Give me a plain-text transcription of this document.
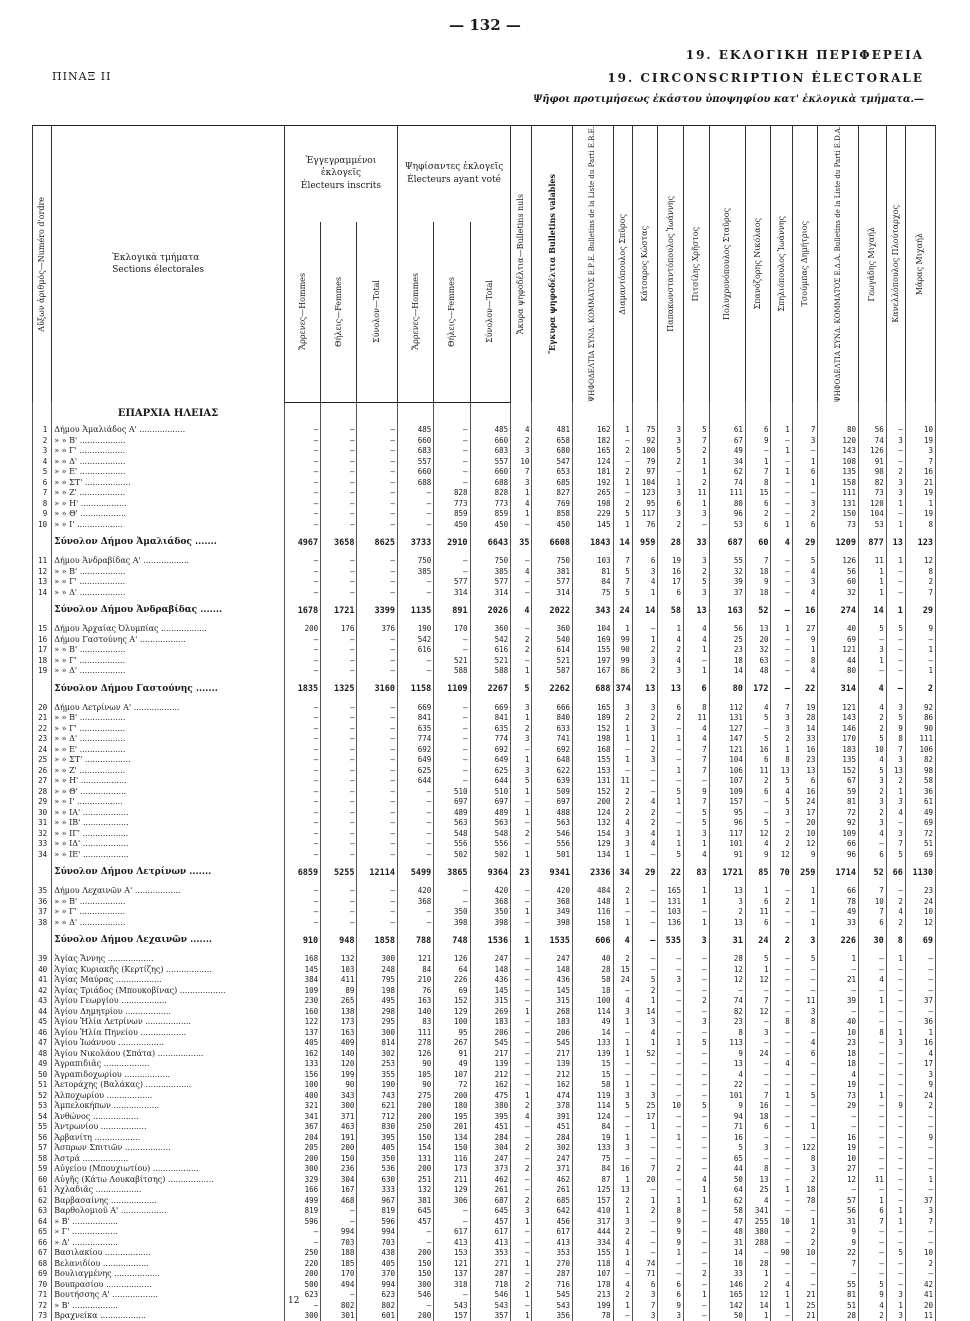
— 132 —
ΠΙΝΑΞ ΙΙ
19. ΕΚΛΟΓΙΚΗ ΠΕΡΙΦΕΡΕΙΑ
19. CIRCONSCRIPTION ÉLECTORALE
Ψῆφοι προτιμήσεως ἑκάστου ὑποψηφίου κατ' ἐκλογικὰ τμήματα.—
Αὔξων ἀριθμός—Numéro d'ordre	Ἐκλογικὰ τμήματα
Sections électorales	Ἐγγεγραμμένοι ἐκλογεῖς
Électeurs inscrits			Ψηφίσαντες ἐκλογεῖς
Électeurs ayant voté			Ἄκυρα ψηφοδέλτια—Bulletins nuls	Ἔγκυρα ψηφοδέλτια Bulletins valables	ΨΗΦΟΔΕΛΤΙΑ ΣΥΝΔ. ΚΟΜΜΑΤΟΣ Ε.Ρ.Ε. Bulletins de la Liste du Parti E.R.E.	Διαμαντόπουλος Σπῦρος	Κάτσαρος Κώστας	Παπακωνσταντόπουλος Ἰωάννης	Πιτσίλης Χρῆστος	Πολυχρονόπουλος Σταῦρος	Σπανόζορης Νικόλαος	Σπηλιόπουλος Ἰωάννης	Τσούμπας Δημήτριος	ΨΗΦΟΔΕΛΤΙΑ ΣΥΝΔ. ΚΟΜΜΑΤΟΣ Ε.Δ.Α. Bulletins de la Liste du Parti E.D.A.	Γεωγάδης Μιχαήλ	Κανελλόπουλος Πλούταρχος	Μάρας Μιχαήλ

		Ἄρρενες—Hommes	Θήλεις—Femmes	Σύνολον—Total	Ἄρρενες—Hommes	Θήλεις—Femmes	Σύνολον—Total															

	ΕΠΑΡΧΙΑ ΗΛΕΙΑΣ																					
1	Δήμου Ἀμαλιάδος Α' ..................	—	—	—	485	—	485	4	481	162	1	75	3	5	61	6	1	7	80	56	—	10
2	» » Β' ..................	—	—	—	660	—	660	2	658	182	—	92	3	7	67	9	—	3	120	74	3	19
3	» » Γ' ..................	—	—	—	683	—	683	3	680	165	2	100	5	2	49	—	1	—	143	126	—	3
4	» » Δ' ..................	—	—	—	557	—	557	10	547	124	—	79	2	1	34	1	—	1	108	91	—	7
5	» » Ε' ..................	—	—	—	660	—	660	7	653	181	2	97	—	1	62	7	1	6	135	98	2	16
6	» » ΣΤ' ..................	—	—	—	688	—	688	3	685	192	1	104	1	2	74	8	—	1	158	82	3	21
7	» » Ζ' ..................	—	—	—	—	828	828	1	827	265	—	123	3	11	111	15	—	—	111	73	3	19
8	» » Η' ..................	—	—	—	—	773	773	4	769	198	2	95	6	1	80	6	—	3	131	120	1	1
9	» » Θ' ..................	—	—	—	—	859	859	1	858	229	5	117	3	3	96	2	—	2	150	104	—	19
10	» » Ι' ..................	—	—	—	—	450	450	—	450	145	1	76	2	—	53	6	1	6	73	53	1	8
	Σύνολον Δήμου Ἀμαλιάδος .......	4967	3658	8625	3733	2910	6643	35	6608	1843	14	959	28	33	687	60	4	29	1209	877	13	123
11	Δήμου Ἀνδραβίδας Α' ..................	—	—	—	750	—	750	—	750	103	7	6	19	3	55	7	—	5	126	11	1	12
12	» » Β' ..................	—	—	—	385	—	385	4	381	81	5	3	16	2	32	18	—	4	56	1	—	8
13	» » Γ' ..................	—	—	—	—	577	577	—	577	84	7	4	17	5	39	9	—	3	60	1	—	2
14	» » Δ' ..................	—	—	—	—	314	314	—	314	75	5	1	6	3	37	18	—	4	32	1	—	7
	Σύνολον Δήμου Ἀνδραβίδας .......	1678	1721	3399	1135	891	2026	4	2022	343	24	14	58	13	163	52	—	16	274	14	1	29
15	Δήμου Ἀρχαίας Ὀλυμπίας ..................	200	176	376	190	170	360	—	360	104	1	—	1	4	56	13	1	27	40	5	5	9
16	Δήμου Γαστούνης Α' ..................	—	—	—	542	—	542	2	540	169	99	1	4	4	25	20	—	9	69	—	—	—
17	» » Β' ..................	—	—	—	616	—	616	2	614	155	90	2	2	1	23	32	—	1	121	3	—	1
18	» » Γ' ..................	—	—	—	—	521	521	—	521	197	99	3	4	—	18	63	—	8	44	1	—	—
19	» » Δ' ..................	—	—	—	—	588	588	1	587	167	86	2	3	1	14	48	—	4	80	—	—	1
	Σύνολον Δήμου Γαστούνης .......	1835	1325	3160	1158	1109	2267	5	2262	688	374	13	13	6	80	172	—	22	314	4	—	2
20	Δήμου Λετρίνων Α' ..................	—	—	—	669	—	669	3	666	165	3	3	6	8	112	4	7	19	121	4	3	92
21	» » Β' ..................	—	—	—	841	—	841	1	840	189	2	2	2	11	131	5	3	28	143	2	5	86
22	» » Γ' ..................	—	—	—	635	—	635	2	633	152	1	3	—	4	127	—	3	14	146	2	9	90
23	» » Δ' ..................	—	—	—	774	—	774	3	741	198	1	1	1	4	147	5	2	33	170	5	8	111
24	» » Ε' ..................	—	—	—	692	—	692	—	692	168	—	2	—	7	121	16	1	16	183	10	7	106
25	» » ΣΤ' ..................	—	—	—	649	—	649	1	648	155	1	3	—	7	104	6	8	23	135	4	3	82
26	» » Ζ' ..................	—	—	—	625	—	625	3	622	153	—	—	1	7	106	11	13	13	152	5	13	98
27	» » Η' ..................	—	—	—	644	—	644	5	639	131	11	—	—	—	107	2	5	6	67	3	2	58
28	» » Θ' ..................	—	—	—	—	510	510	1	509	152	2	—	5	9	109	6	4	16	59	2	1	36
29	» » Ι' ..................	—	—	—	—	697	697	—	697	200	2	4	1	7	157	—	5	24	81	3	3	61
30	» » ΙΑ' ..................	—	—	—	—	489	489	1	488	124	2	2	—	5	95	—	3	17	72	2	4	49
31	» » ΙΒ' ..................	—	—	—	—	563	563	—	563	132	4	2	—	5	96	5	—	20	92	3	—	69
32	» » ΙΓ' ..................	—	—	—	—	548	548	2	546	154	3	4	1	3	117	12	2	10	109	4	3	72
33	» » ΙΔ' ..................	—	—	—	—	556	556	—	556	129	3	4	1	1	101	4	2	12	66	—	7	51
34	» » ΙΕ' ..................	—	—	—	—	502	502	1	501	134	1	—	5	4	91	9	12	9	96	6	5	69
	Σύνολον Δήμου Λετρίνων .......	6859	5255	12114	5499	3865	9364	23	9341	2336	34	29	22	83	1721	85	70	259	1714	52	66	1130
35	Δήμου Λεχαινῶν Α' ..................	—	—	—	420	—	420	—	420	484	2	—	165	1	13	1	—	1	66	7	—	23
36	» » Β' ..................	—	—	—	368	—	368	—	368	148	1	—	131	1	3	6	2	1	78	10	2	24
37	» » Γ' ..................	—	—	—	—	350	350	1	349	116	—	—	103	—	2	11	—	—	49	7	4	10
38	» » Δ' ..................	—	—	—	—	398	398	—	398	158	1	—	136	1	13	6	—	1	33	6	2	12
	Σύνολον Δήμου Λεχαινῶν .......	910	948	1858	788	748	1536	1	1535	606	4	—	535	3	31	24	2	3	226	30	8	69
39	Ἁγίας Ἄννης ..................	168	132	300	121	126	247	—	247	40	2	—	—	—	28	5	—	5	1	—	1	—
40	Ἁγίας Κυριακῆς (Κερτίζης) ..................	145	103	248	84	64	148	—	148	28	15	—	—	—	12	1	—	—	—	—	—	—
41	Ἁγίας Μαύρας ..................	384	411	795	210	226	436	—	436	58	24	5	3	—	12	12	—	—	21	4	—	—
42	Ἁγίας Τριάδος (Μπουκοβίνας) ..................	109	89	198	76	69	145	—	145	18	—	2	—	—	—	—	—	—	—	—	—	—
43	Ἁγίου Γεωργίου ..................	230	265	495	163	152	315	—	315	100	4	1	—	2	74	7	—	11	39	1	—	37
44	Ἁγίου Δημητρίου ..................	160	138	298	140	129	269	1	268	114	3	14	—	—	82	12	—	3	—	—	—	—
45	Ἁγίου Ἠλία Λετρίνων ..................	122	173	295	83	100	183	—	183	49	1	3	—	3	23	—	8	8	40	—	—	36
46	Ἁγίου Ἠλία Πηνείου ..................	137	163	300	111	95	206	—	206	14	—	4	—	—	8	3	—	—	10	8	1	1
47	Ἁγίου Ἰωάννου ..................	405	409	814	278	267	545	—	545	133	1	1	1	5	113	—	—	4	23	—	3	16
48	Ἁγίου Νικολάου (Σπάτα) ..................	162	140	302	126	91	217	—	217	139	1	52	—	—	9	24	—	6	18	—	—	4
49	Ἀγραπιδιᾶς ..................	133	120	253	90	49	139	—	139	15	—	—	—	—	13	—	4	—	18	—	—	17
50	Ἀγραπιδοχωρίου ..................	156	199	355	105	107	212	—	212	15	—	—	—	—	4	—	—	—	4	—	—	3
51	Ἀετοράχης (Βαλάκας) ..................	100	90	190	90	72	162	—	162	58	1	—	—	—	22	—	—	—	19	—	—	9
52	Ἀλποχωρίου ..................	400	343	743	275	200	475	1	474	119	3	3	—	—	101	7	1	5	73	1	—	24
53	Ἀμπελοκήπων ..................	321	300	621	200	180	380	2	378	114	5	25	10	5	9	16	—	—	29	—	9	2
54	Ἀνθώνος ..................	341	371	712	200	195	395	4	391	124	—	17	—	—	94	18	—	—	—	—	—	—
55	Ἀντρωνίου ..................	367	463	830	250	201	451	—	451	84	—	1	—	—	71	6	—	1	—	—	—	—
56	Ἀρβανίτη ..................	204	191	395	150	134	284	—	284	19	1	—	1	—	16	—	—	—	16	—	—	9
57	Ἀσπρων Σπιτιῶν ..................	205	200	405	154	150	304	2	302	133	3	—	—	—	5	3	—	122	19	—	—	—
58	Ἀστρά ..................	200	150	350	131	116	247	—	247	75	—	—	—	—	65	—	—	8	10	—	—	—
59	Αὐγείου (Μπουχιωτίου) ..................	300	236	536	200	173	373	2	371	84	16	7	2	—	44	8	—	3	27	—	—	—
60	Αὐγῆς (Κάτω Λουκαβίτσης) ..................	329	304	630	251	211	462	—	462	87	1	20	—	4	50	13	—	2	12	11	—	1
61	Ἀχλαδιᾶς ..................	166	167	333	132	129	261	—	261	125	13	—	—	1	64	25	1	18	—	—	—	—
62	Βαρβασαίνης ..................	499	468	967	381	306	687	2	685	157	2	1	1	1	62	4	—	78	57	1	—	37
63	Βαρθολομιοῦ Α' ..................	819	—	819	645	—	645	3	642	410	1	2	8	—	58	341	—	—	56	6	1	3
64	» Β' ..................	596	—	596	457	—	457	1	456	317	3	—	9	—	47	255	10	1	31	7	1	7
65	» Γ' ..................	—	994	994	—	617	617	—	617	444	2	—	9	—	48	380	—	2	9	—	—	—
66	» Δ' ..................	—	703	703	—	413	413	—	413	334	4	—	9	—	31	288	—	2	9	—	—	—
67	Βασιλακίου ..................	250	188	438	200	153	353	—	353	155	1	—	1	—	14	—	90	10	22	—	5	10
68	Βελανιδίου ..................	220	185	405	150	121	271	1	270	118	4	74	—	—	10	28	—	—	7	—	—	2
69	Βουλιαγμένης ..................	200	170	370	150	137	287	—	287	107	—	71	—	2	33	1	—	—	—	—	—	—
70	Βουπρασίου ..................	500	494	994	300	318	718	2	716	178	4	6	6	—	146	2	4	—	55	5	—	42
71	Βουτήσσης Α' ..................	623	—	623	546	—	546	1	545	213	2	3	6	1	165	12	1	21	81	9	3	41
72	» Β' ..................	—	802	802	—	543	543	—	543	199	1	7	9	—	142	14	1	25	51	4	1	20
73	Βραχνείκα ..................	300	301	601	200	157	357	1	356	78	—	3	3	—	50	1	—	21	28	2	3	11
12
